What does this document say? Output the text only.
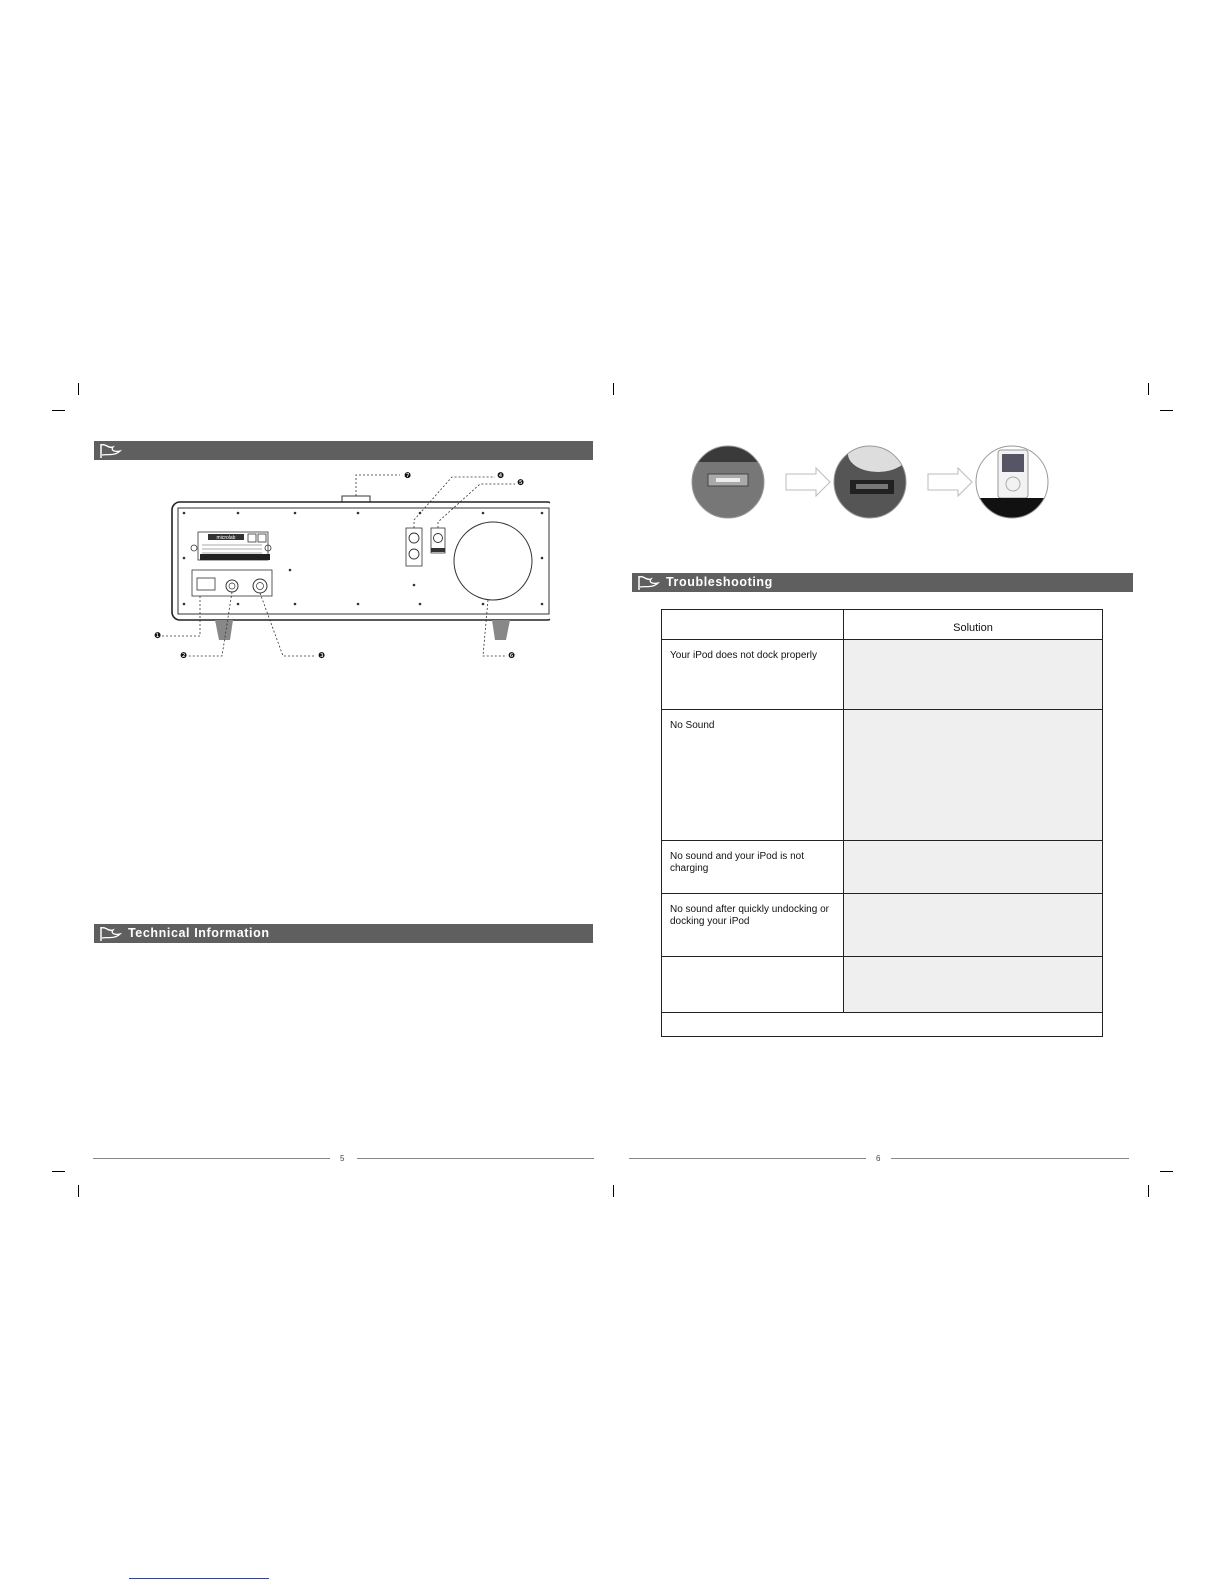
microlab
❼	❹
❺
❶
❷	❸	❻
Technical Information
5
Troubleshooting
	Solution
Your iPod does not dock properly	
No Sound	
No sound and your iPod is not charging	
No sound after quickly undocking or docking your iPod	

6
